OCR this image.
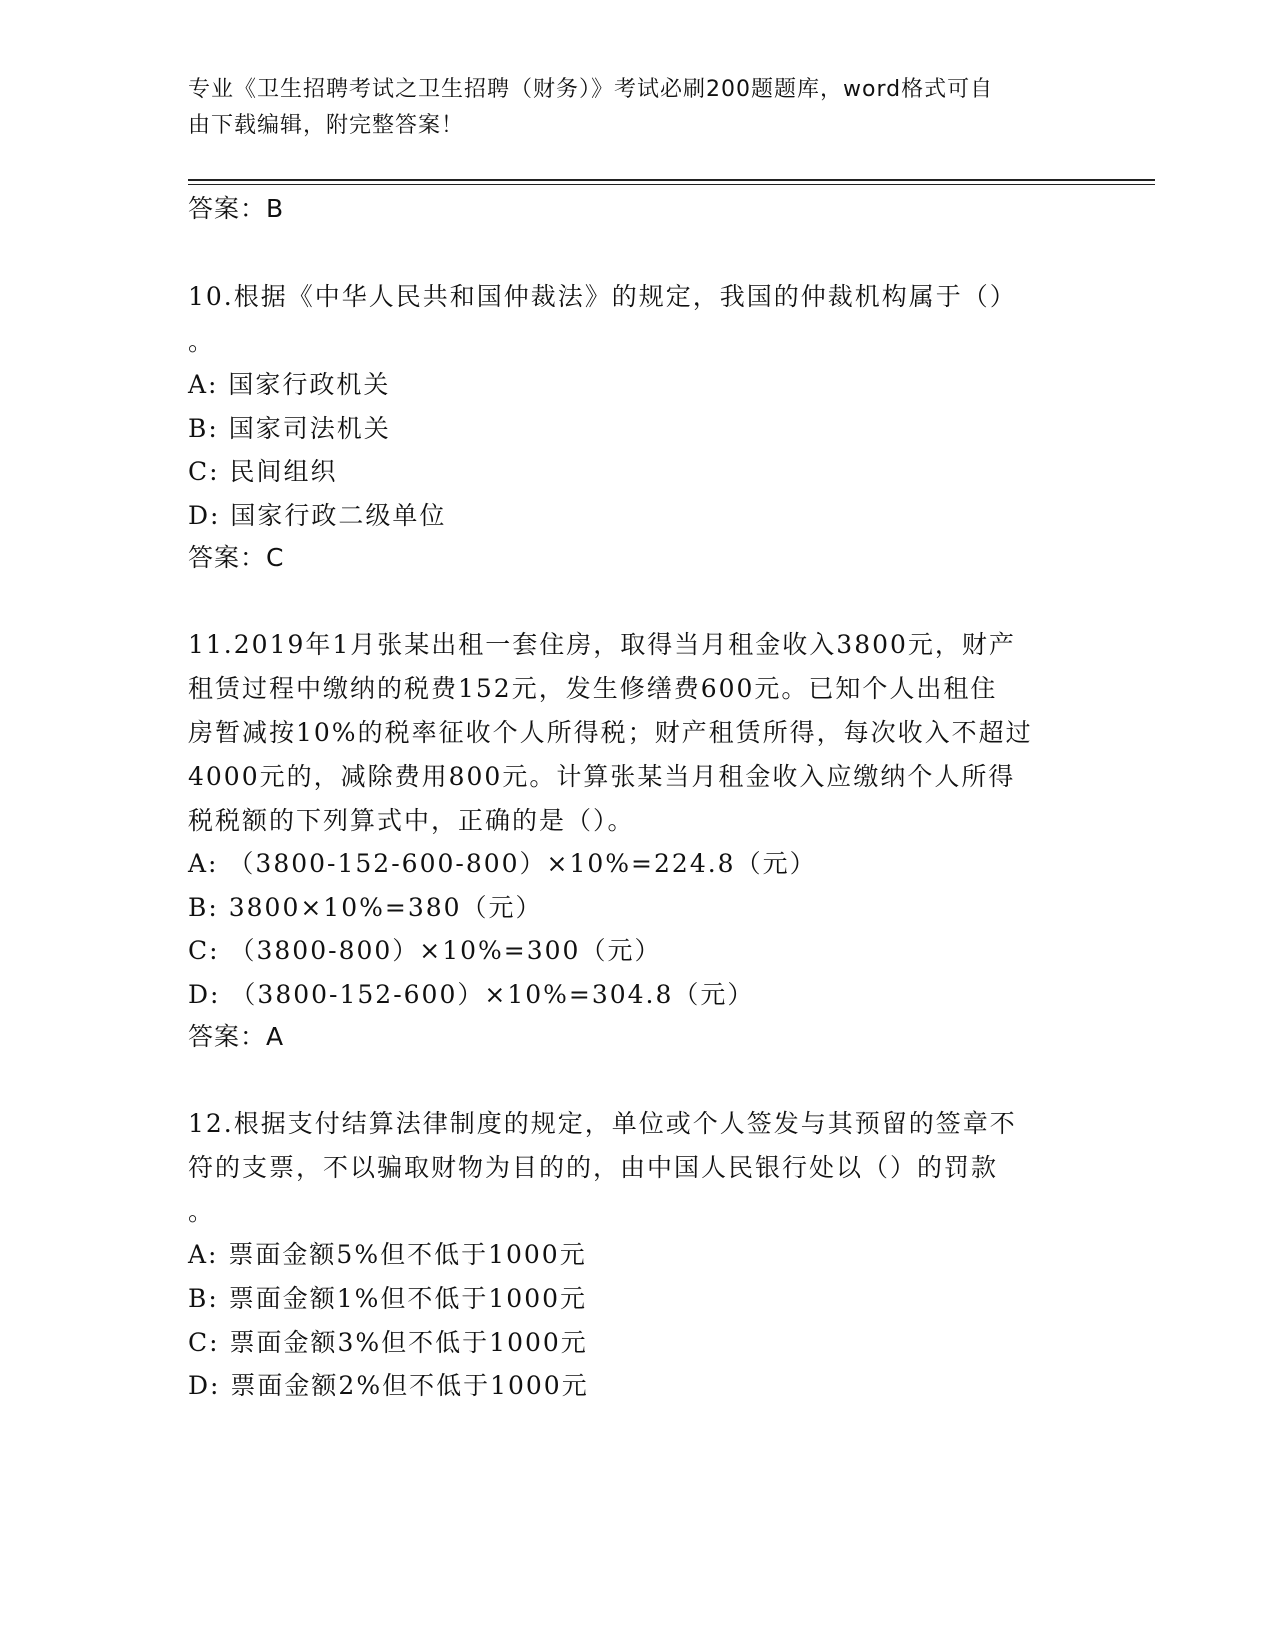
专业《卫生招聘考试之卫生招聘（财务）》考试必刷200题题库，word格式可自
由下载编辑，附完整答案！
答案：B
10.根据《中华人民共和国仲裁法》的规定，我国的仲裁机构属于（）
。
A: 国家行政机关
B: 国家司法机关
C: 民间组织
D: 国家行政二级单位
答案：C
11.2019年1月张某出租一套住房，取得当月租金收入3800元，财产
租赁过程中缴纳的税费152元，发生修缮费600元。已知个人出租住
房暂减按10%的税率征收个人所得税；财产租赁所得，每次收入不超过
4000元的，减除费用800元。计算张某当月租金收入应缴纳个人所得
税税额的下列算式中，正确的是（）。
A: （3800-152-600-800）×10%=224.8（元）
B: 3800×10%=380（元）
C: （3800-800）×10%=300（元）
D: （3800-152-600）×10%=304.8（元）
答案：A
12.根据支付结算法律制度的规定，单位或个人签发与其预留的签章不
符的支票，不以骗取财物为目的的，由中国人民银行处以（）的罚款
。
A: 票面金额5%但不低于1000元
B: 票面金额1%但不低于1000元
C: 票面金额3%但不低于1000元
D: 票面金额2%但不低于1000元
